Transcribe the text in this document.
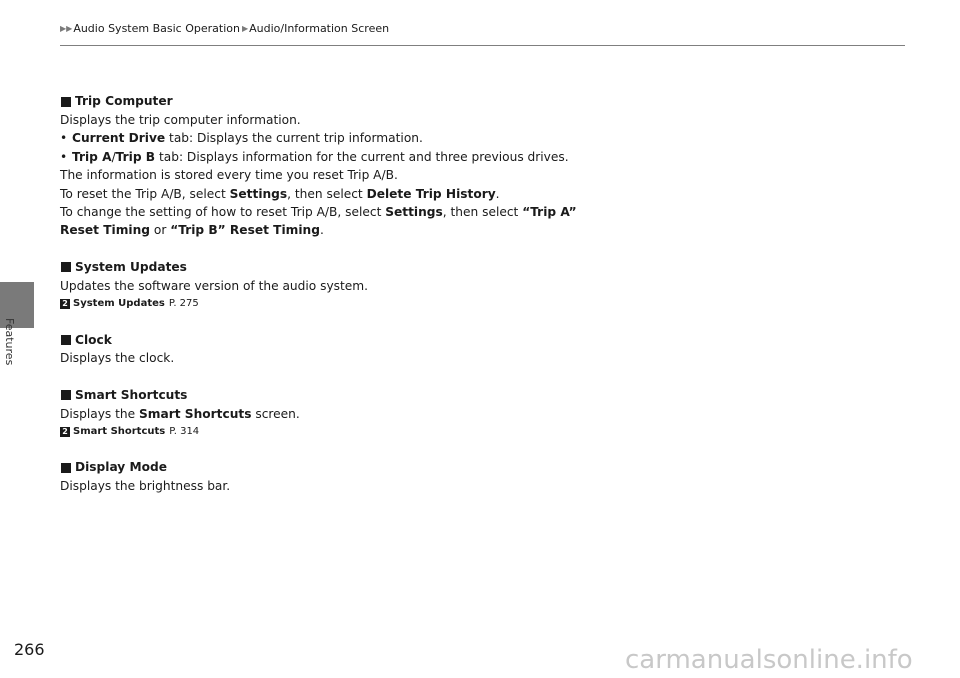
▶▶ Audio System Basic Operation ▶ Audio/Information Screen
Features
Trip Computer

Displays the trip computer information.

• Current Drive tab: Displays the current trip information.

• Trip A/Trip B tab: Displays information for the current and three previous drives.

The information is stored every time you reset Trip A/B.

To reset the Trip A/B, select Settings, then select Delete Trip History.

To change the setting of how to reset Trip A/B, select Settings, then select “Trip A”

Reset Timing or “Trip B” Reset Timing.

System Updates

Updates the software version of the audio system.

2 System Updates P. 275
Clock

Displays the clock.

Smart Shortcuts

Displays the Smart Shortcuts screen.

2 Smart Shortcuts P. 314
Display Mode

Displays the brightness bar.

266	carmanualsonline.info
